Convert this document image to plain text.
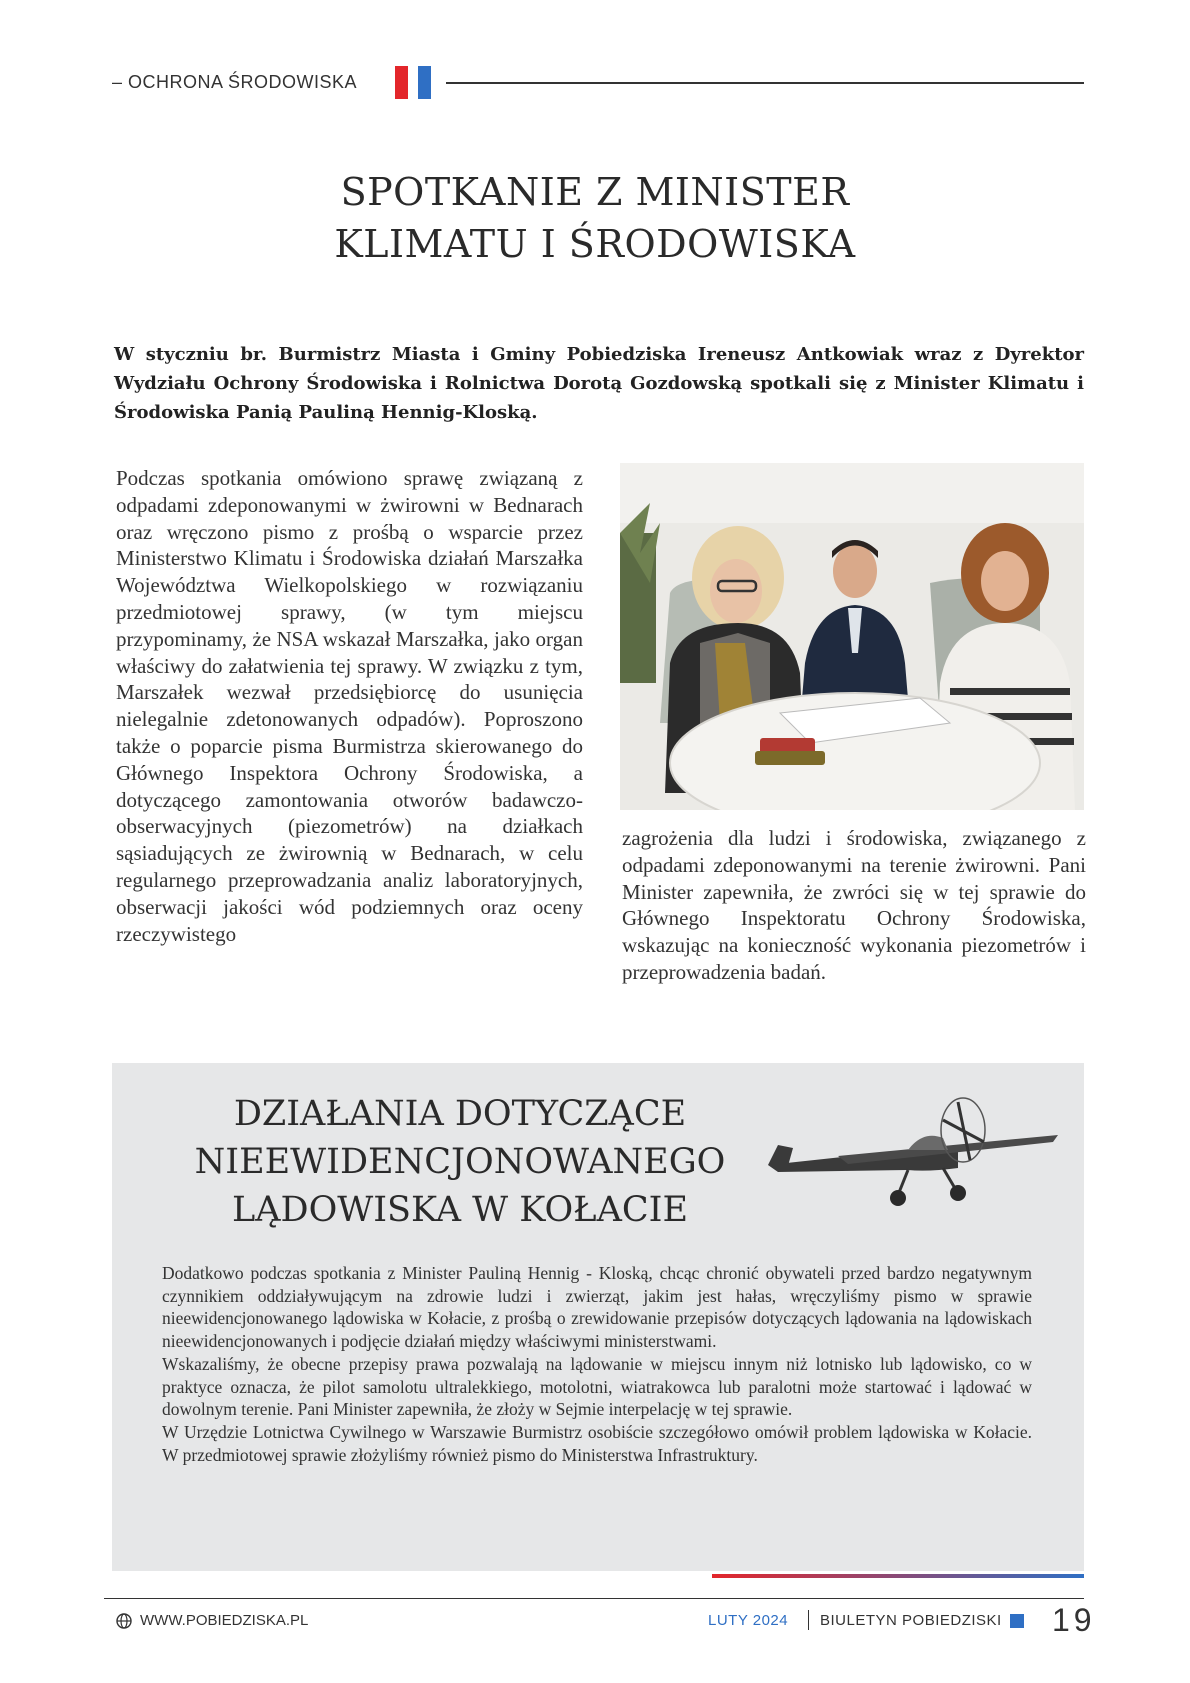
– OCHRONA ŚRODOWISKA
SPOTKANIE Z MINISTER
KLIMATU I ŚRODOWISKA
W styczniu br. Burmistrz Miasta i Gminy Pobiedziska Ireneusz Antkowiak wraz z Dyrektor Wydziału Ochrony Środowiska i Rolnictwa Dorotą Gozdowską spotkali się z Minister Klimatu i Środowiska Panią Pauliną Hennig-Kloską.
Podczas spotkania omówiono sprawę związaną z odpadami zdeponowanymi w żwirowni w Bednarach oraz wręczono pismo z prośbą o wsparcie przez Ministerstwo Klimatu i Środowiska działań Marszałka Województwa Wielkopolskiego w rozwiązaniu przedmiotowej sprawy, (w tym miejscu przypominamy, że NSA wskazał Marszałka, jako organ właściwy do załatwienia tej sprawy. W związku z tym, Marszałek wezwał przedsiębiorcę do usunięcia nielegalnie zdetonowanych odpadów). Poproszono także o poparcie pisma Burmistrza skierowanego do Głównego Inspektora Ochrony Środowiska, a dotyczącego zamontowania otworów badawczo-obserwacyjnych (piezometrów) na działkach sąsiadujących ze żwirownią w Bednarach, w celu regularnego przeprowadzania analiz laboratoryjnych, obserwacji jakości wód podziemnych oraz oceny rzeczywistego
zagrożenia dla ludzi i środowiska, związanego z odpadami zdeponowanymi na terenie żwirowni. Pani Minister zapewniła, że zwróci się w tej sprawie do Głównego Inspektoratu Ochrony Środowiska, wskazując na konieczność wykonania piezometrów i przeprowadzenia badań.
DZIAŁANIA DOTYCZĄCE
NIEEWIDENCJONOWANEGO
LĄDOWISKA W KOŁACIE

Dodatkowo podczas spotkania z Minister Pauliną Hennig - Kloską, chcąc chronić obywateli przed bardzo negatywnym czynnikiem oddziaływującym na zdrowie ludzi i zwierząt, jakim jest hałas, wręczyliśmy pismo w sprawie nieewidencjonowanego lądowiska w Kołacie, z prośbą o zrewidowanie przepisów dotyczących lądowania na lądowiskach nieewidencjonowanych i podjęcie działań między właściwymi ministerstwami.

Wskazaliśmy, że obecne przepisy prawa pozwalają na lądowanie w miejscu innym niż lotnisko lub lądowisko, co w praktyce oznacza, że pilot samolotu ultralekkiego, motolotni, wiatrakowca lub paralotni może startować i lądować w dowolnym terenie. Pani Minister zapewniła, że złoży w Sejmie interpelację w tej sprawie.

W Urzędzie Lotnictwa Cywilnego w Warszawie Burmistrz osobiście szczegółowo omówił problem lądowiska w Kołacie. W przedmiotowej sprawie złożyliśmy również pismo do Ministerstwa Infrastruktury.

WWW.POBIEDZISKA.PL	LUTY 2024 BIULETYN POBIEDZISKI 19
